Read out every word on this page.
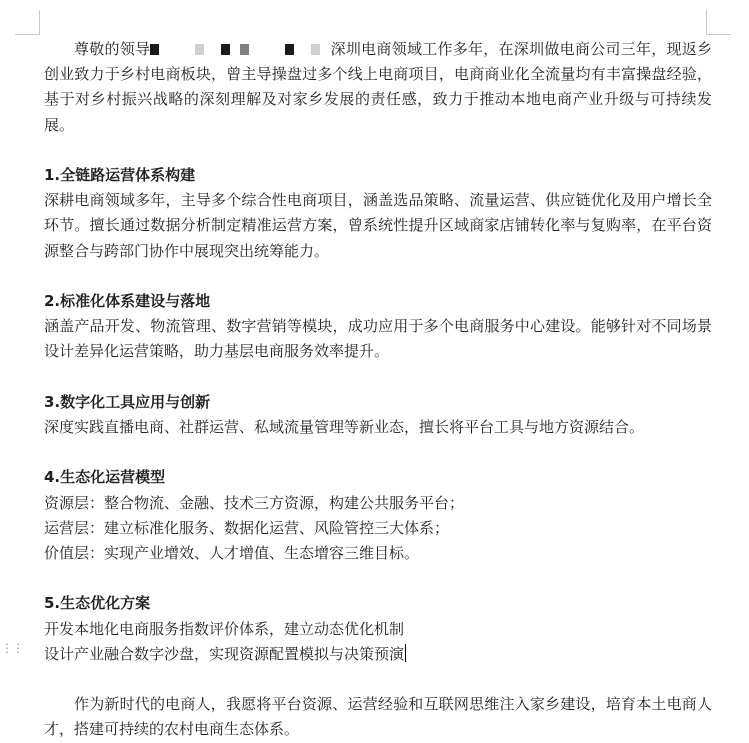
⋮⋮

尊敬的领导	深圳电商领域工作多年，在深圳做电商公司三年，现返乡创业致力于乡村电商板块，曾主导操盘过多个线上电商项目，电商商业化全流量均有丰富操盘经验，基于对乡村振兴战略的深刻理解及对家乡发展的责任感，致力于推动本地电商产业升级与可持续发展。

1.全链路运营体系构建

深耕电商领域多年，主导多个综合性电商项目，涵盖选品策略、流量运营、供应链优化及用户增长全环节。擅长通过数据分析制定精准运营方案，曾系统性提升区域商家店铺转化率与复购率，在平台资源整合与跨部门协作中展现突出统筹能力。

2.标准化体系建设与落地

涵盖产品开发、物流管理、数字营销等模块，成功应用于多个电商服务中心建设。能够针对不同场景设计差异化运营策略，助力基层电商服务效率提升。

3.数字化工具应用与创新

深度实践直播电商、社群运营、私域流量管理等新业态，擅长将平台工具与地方资源结合。

4.生态化运营模型

资源层：整合物流、金融、技术三方资源，构建公共服务平台；

运营层：建立标准化服务、数据化运营、风险管控三大体系；

价值层：实现产业增效、人才增值、生态增容三维目标。

5.生态优化方案

开发本地化电商服务指数评价体系，建立动态优化机制

设计产业融合数字沙盘，实现资源配置模拟与决策预演

作为新时代的电商人，我愿将平台资源、运营经验和互联网思维注入家乡建设，培育本土电商人才，搭建可持续的农村电商生态体系。
